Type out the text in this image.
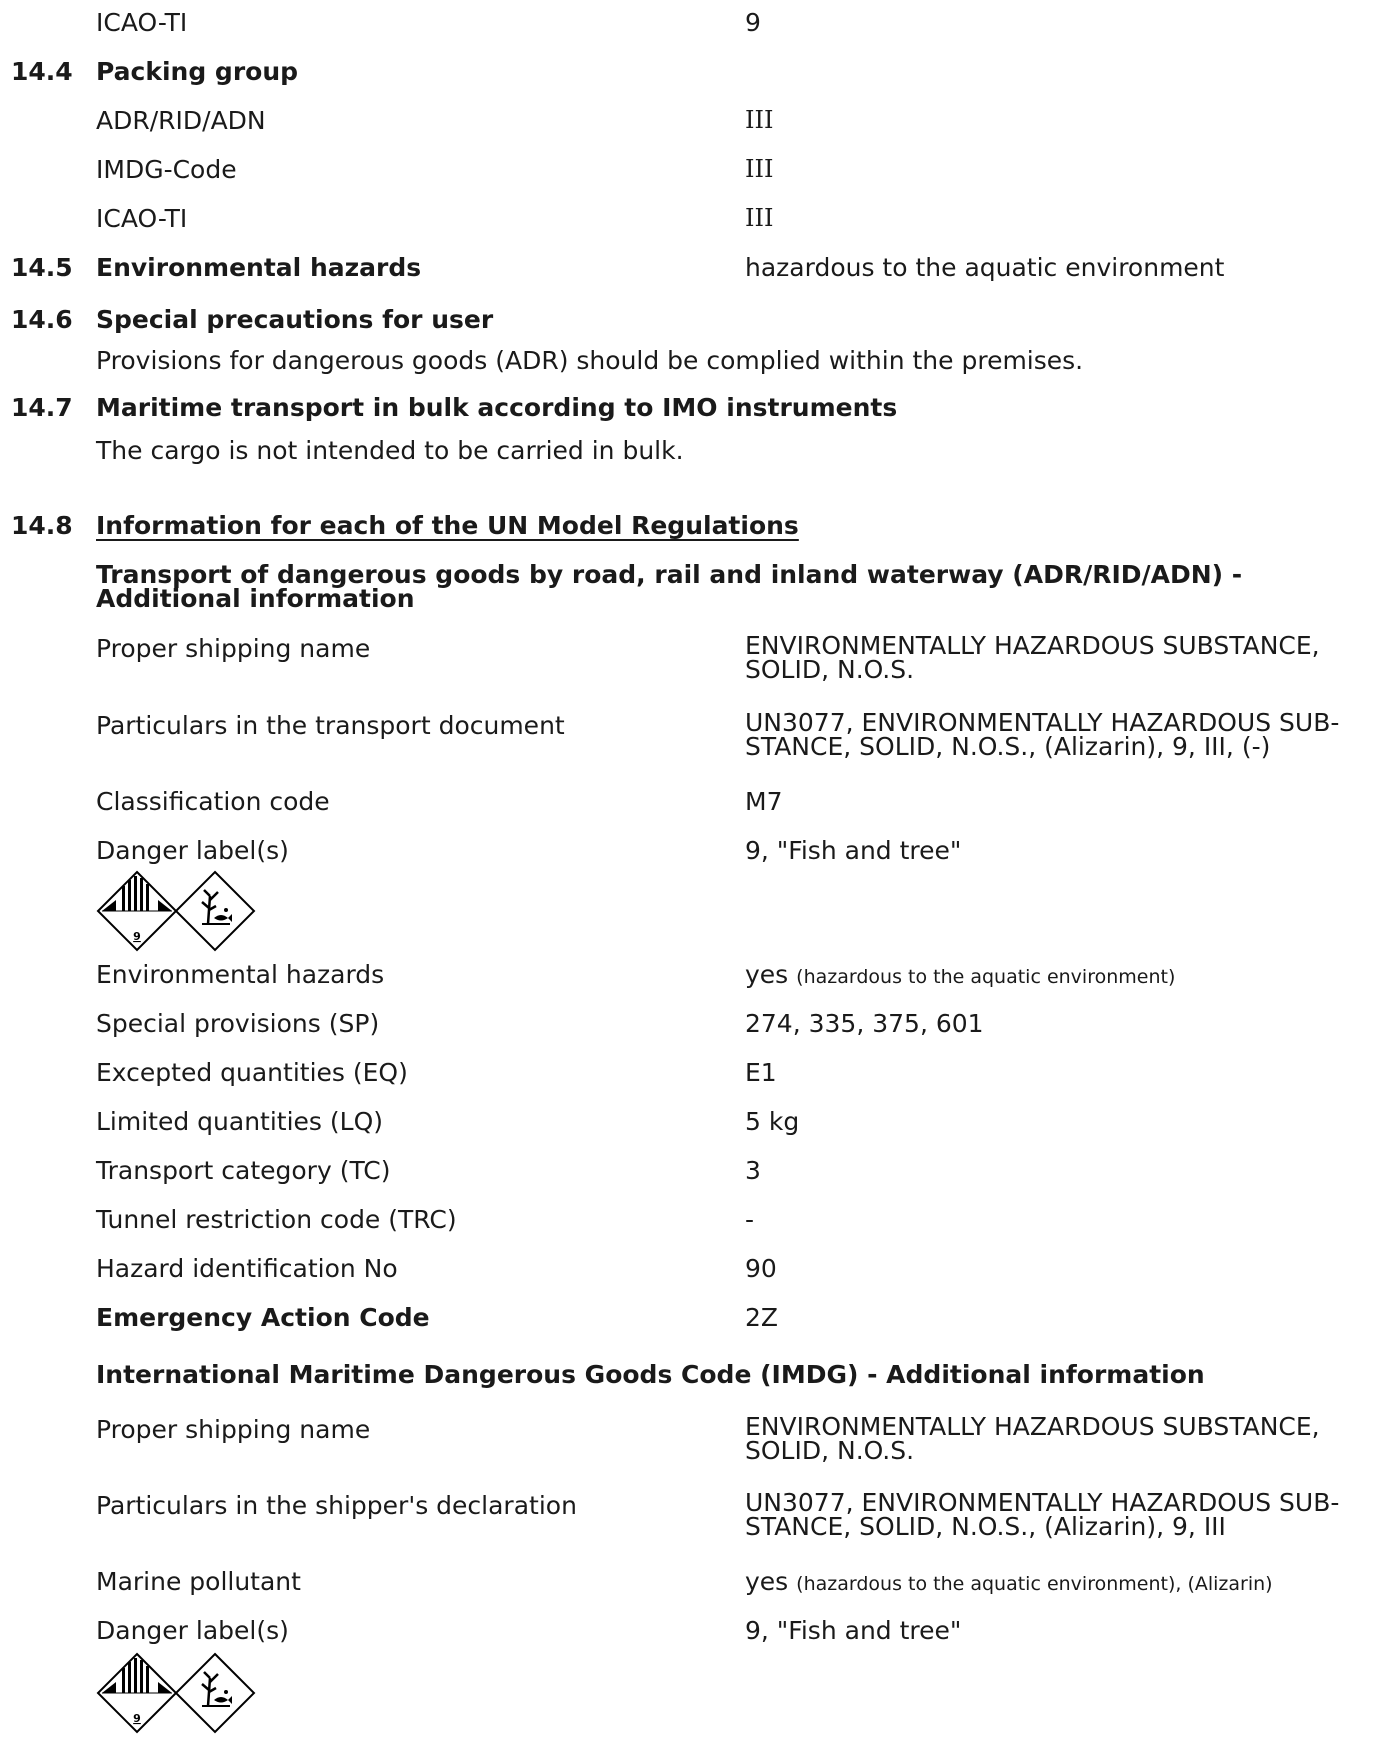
ICAO-TI	9
14.4 Packing group
ADR/RID/ADN	III
IMDG-Code	III
ICAO-TI	III
14.5 Environmental hazards	hazardous to the aquatic environment
14.6 Special precautions for user
Provisions for dangerous goods (ADR) should be complied within the premises.
14.7 Maritime transport in bulk according to IMO instruments
The cargo is not intended to be carried in bulk.
14.8 Information for each of the UN Model Regulations
Transport of dangerous goods by road, rail and inland waterway (ADR/RID/ADN) - Additional information
Proper shipping name	ENVIRONMENTALLY HAZARDOUS SUBSTANCE, SOLID, N.O.S.
Particulars in the transport document	UN3077, ENVIRONMENTALLY HAZARDOUS SUB-STANCE, SOLID, N.O.S., (Alizarin), 9, III, (-)
Classification code	M7
Danger label(s)	9, "Fish and tree"
9
Environmental hazards	yes (hazardous to the aquatic environment)
Special provisions (SP)	274, 335, 375, 601
Excepted quantities (EQ)	E1
Limited quantities (LQ)	5 kg
Transport category (TC)	3
Tunnel restriction code (TRC)	-
Hazard identification No	90
Emergency Action Code	2Z
International Maritime Dangerous Goods Code (IMDG) - Additional information
Proper shipping name	ENVIRONMENTALLY HAZARDOUS SUBSTANCE, SOLID, N.O.S.
Particulars in the shipper's declaration	UN3077, ENVIRONMENTALLY HAZARDOUS SUB-STANCE, SOLID, N.O.S., (Alizarin), 9, III
Marine pollutant	yes (hazardous to the aquatic environment), (Alizarin)
Danger label(s)	9, "Fish and tree"
9
